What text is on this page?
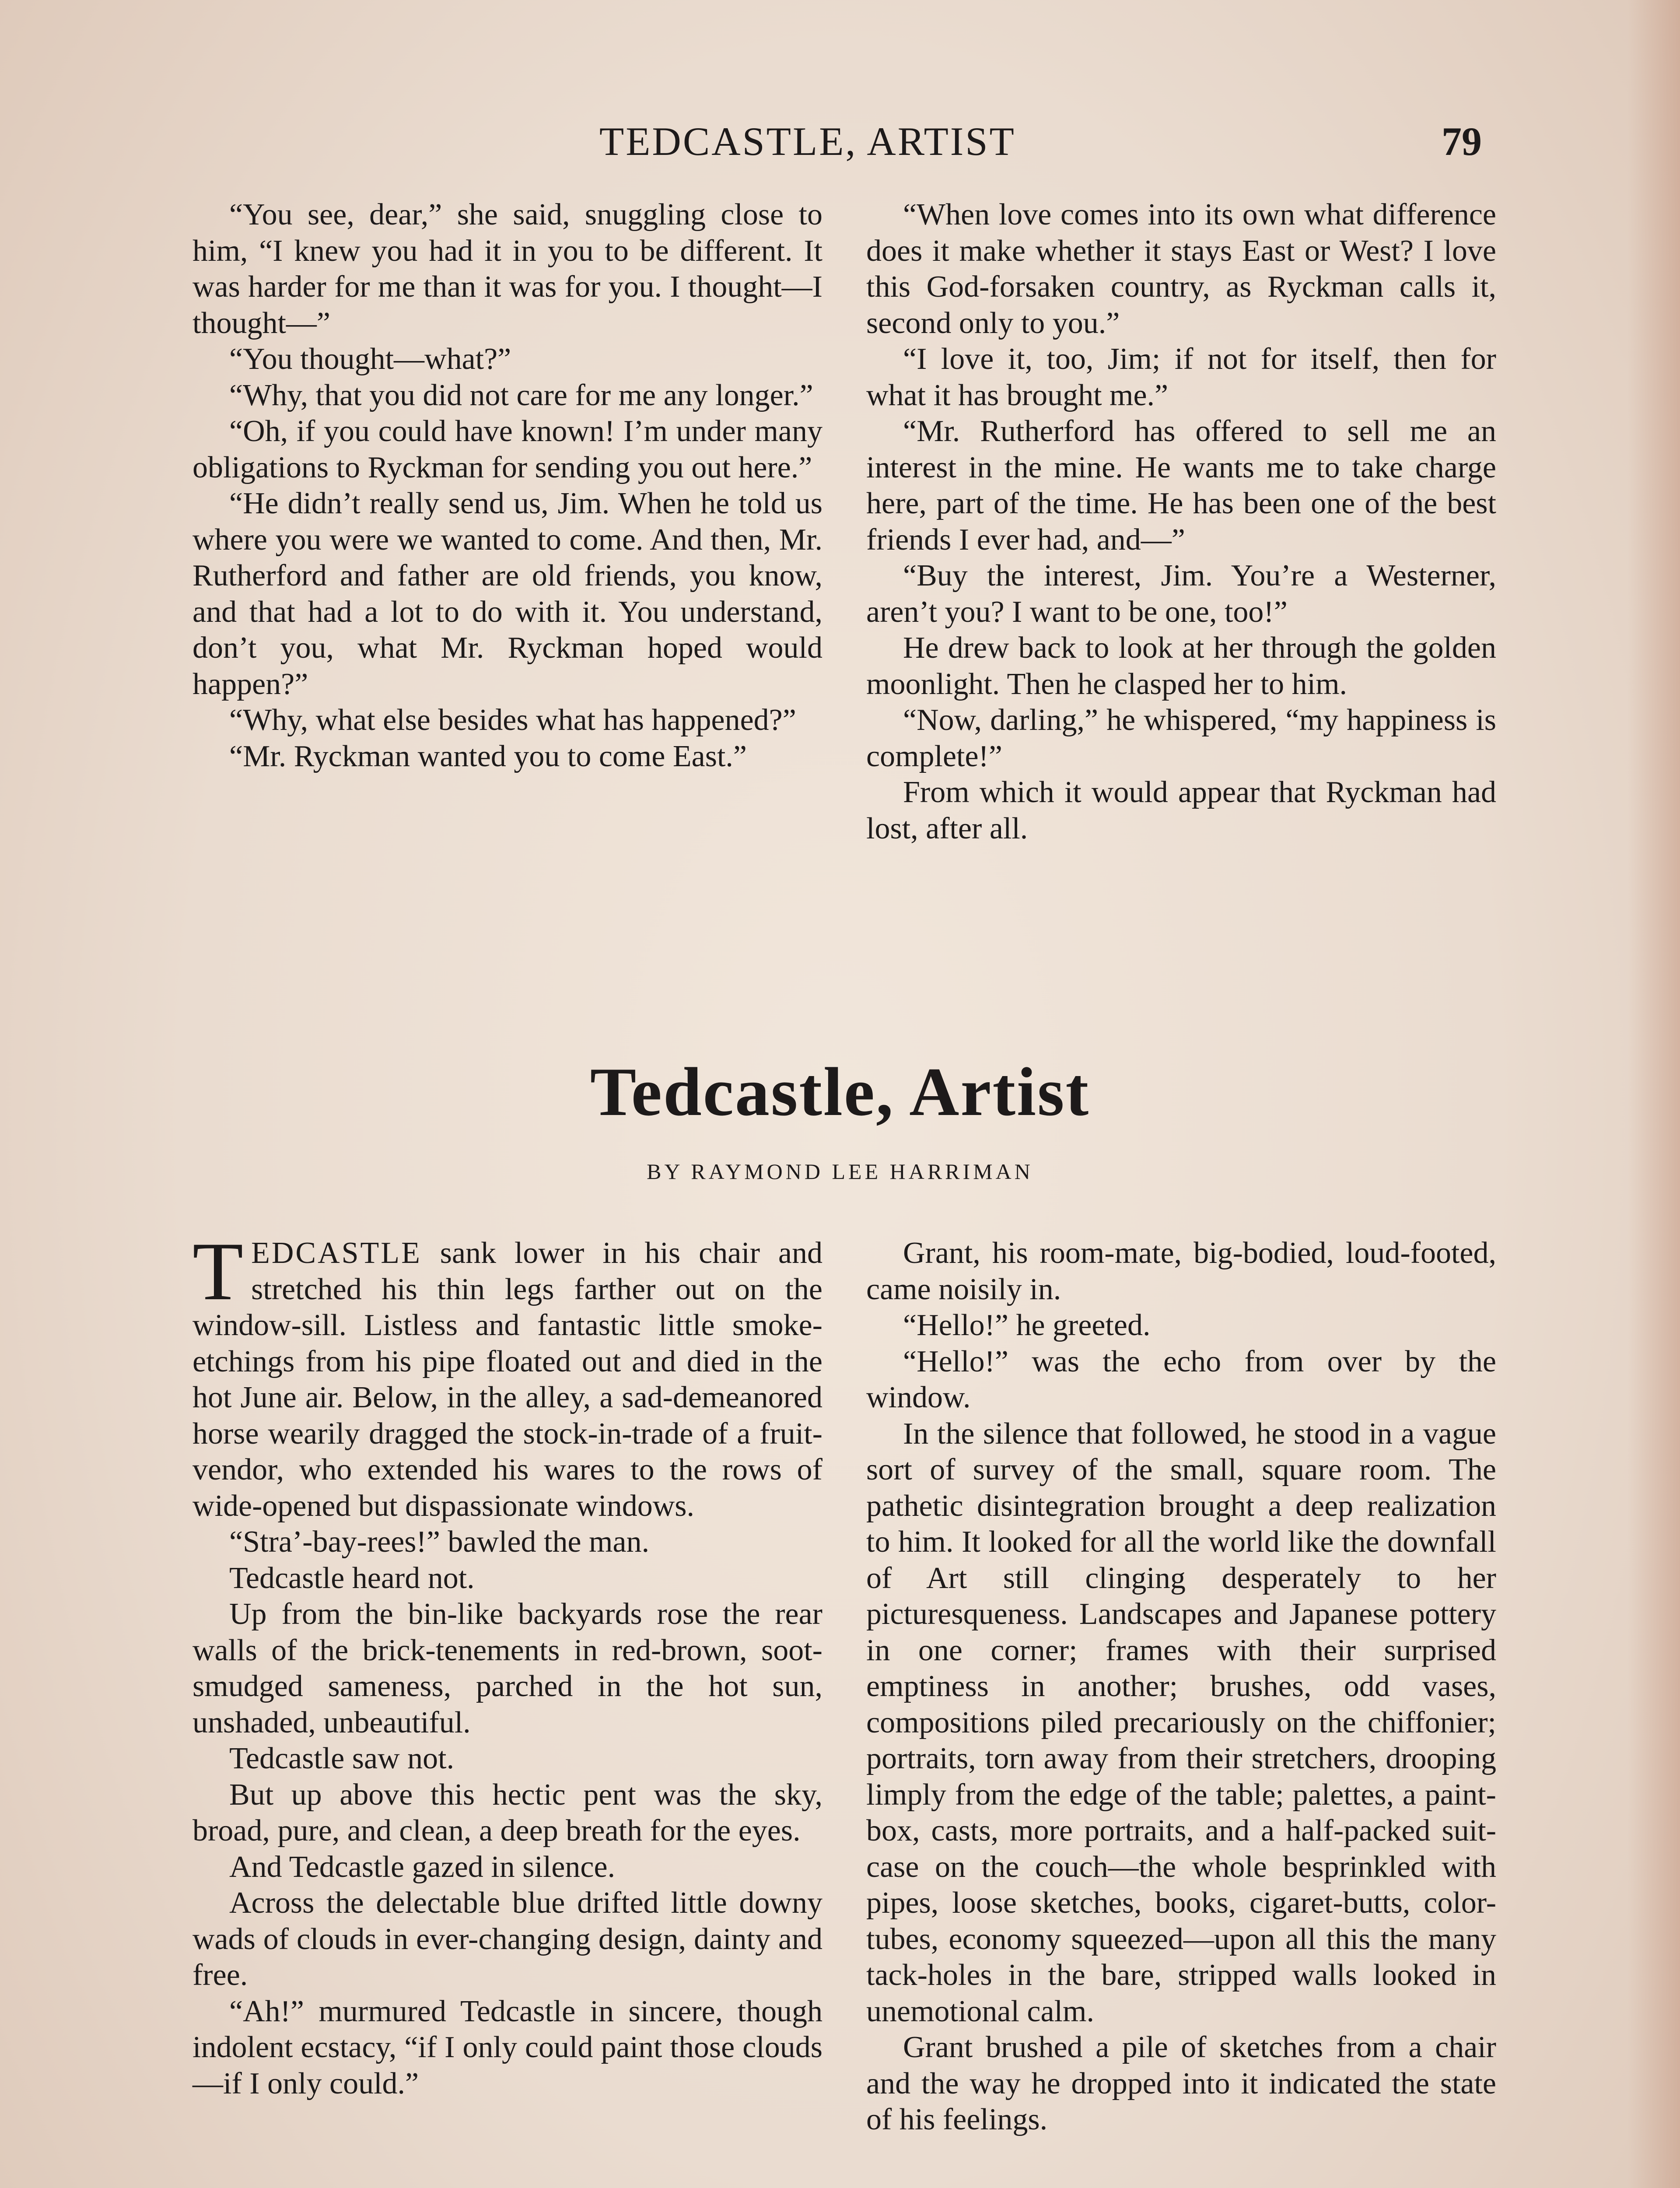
TEDCASTLE, ARTIST	79

“You see, dear,” she said, snuggling close to him, “I knew you had it in you to be different. It was harder for me than it was for you. I thought—I thought—”

“You thought—what?”

“Why, that you did not care for me any longer.”

“Oh, if you could have known! I’m under many obligations to Ryckman for sending you out here.”

“He didn’t really send us, Jim. When he told us where you were we wanted to come. And then, Mr. Rutherford and father are old friends, you know, and that had a lot to do with it. You understand, don’t you, what Mr. Ryckman hoped would happen?”

“Why, what else besides what has happened?”

“Mr. Ryckman wanted you to come East.”

“When love comes into its own what difference does it make whether it stays East or West? I love this God-forsaken country, as Ryckman calls it, second only to you.”

“I love it, too, Jim; if not for itself, then for what it has brought me.”

“Mr. Rutherford has offered to sell me an interest in the mine. He wants me to take charge here, part of the time. He has been one of the best friends I ever had, and—”

“Buy the interest, Jim. You’re a Westerner, aren’t you? I want to be one, too!”

He drew back to look at her through the golden moonlight. Then he clasped her to him.

“Now, darling,” he whispered, “my happiness is complete!”

From which it would appear that Ryckman had lost, after all.

Tedcastle, Artist
BY RAYMOND LEE HARRIMAN

TEDCASTLE sank lower in his chair and stretched his thin legs farther out on the window-sill. Listless and fantastic little smoke-etchings from his pipe floated out and died in the hot June air. Below, in the alley, a sad-demeanored horse wearily dragged the stock-in-trade of a fruit-vendor, who extended his wares to the rows of wide-opened but dispassionate windows.

“Stra’-bay-rees!” bawled the man.

Tedcastle heard not.

Up from the bin-like backyards rose the rear walls of the brick-tenements in red-brown, soot-smudged sameness, parched in the hot sun, unshaded, unbeautiful.

Tedcastle saw not.

But up above this hectic pent was the sky, broad, pure, and clean, a deep breath for the eyes.

And Tedcastle gazed in silence.

Across the delectable blue drifted little downy wads of clouds in ever-changing design, dainty and free.

“Ah!” murmured Tedcastle in sincere, though indolent ecstacy, “if I only could paint those clouds—if I only could.”

Grant, his room-mate, big-bodied, loud-footed, came noisily in.

“Hello!” he greeted.

“Hello!” was the echo from over by the window.

In the silence that followed, he stood in a vague sort of survey of the small, square room. The pathetic disintegration brought a deep realization to him. It looked for all the world like the downfall of Art still clinging desperately to her picturesqueness. Landscapes and Japanese pottery in one corner; frames with their surprised emptiness in another; brushes, odd vases, compositions piled precariously on the chiffonier; portraits, torn away from their stretchers, drooping limply from the edge of the table; palettes, a paint-box, casts, more portraits, and a half-packed suit-case on the couch—the whole besprinkled with pipes, loose sketches, books, cigaret-butts, color-tubes, economy squeezed—upon all this the many tack-holes in the bare, stripped walls looked in unemotional calm.

Grant brushed a pile of sketches from a chair and the way he dropped into it indicated the state of his feelings.
